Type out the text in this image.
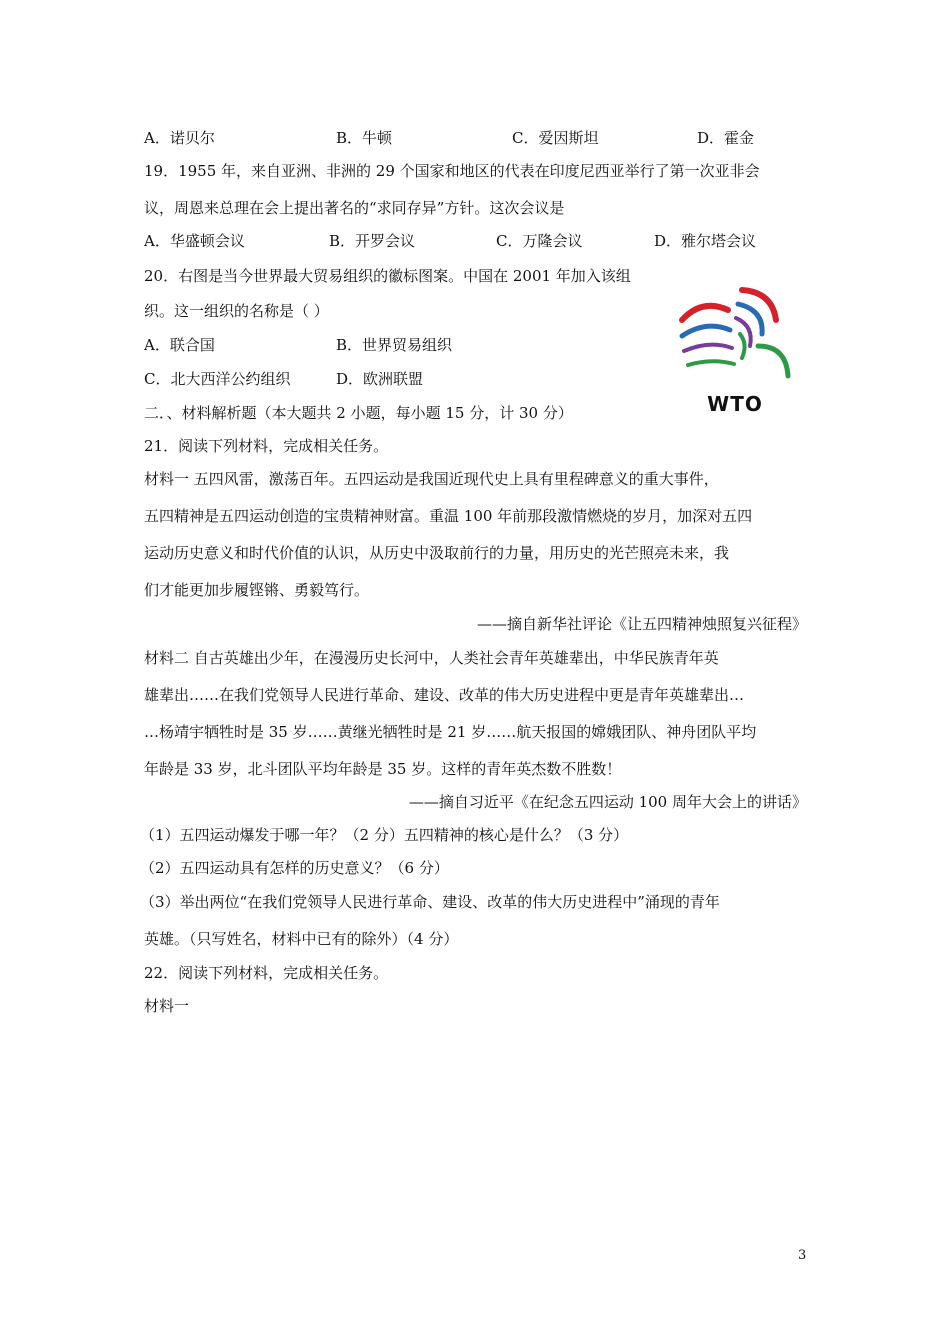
A．诺贝尔	B．牛顿	C．爱因斯坦	D．霍金
19．1955 年，来自亚洲、非洲的 29 个国家和地区的代表在印度尼西亚举行了第一次亚非会
议，周恩来总理在会上提出著名的“求同存异”方针。这次会议是
A．华盛顿会议	B．开罗会议	C．万隆会议	D．雅尔塔会议
20．右图是当今世界最大贸易组织的徽标图案。中国在 2001 年加入该组
织。这一组织的名称是（ ）
A．联合国	B．世界贸易组织
C．北大西洋公约组织	D．欧洲联盟
WTO
二．、材料解析题（本大题共 2 小题，每小题 15 分，计 30 分）
21．阅读下列材料，完成相关任务。
材料一 五四风雷，激荡百年。五四运动是我国近现代史上具有里程碑意义的重大事件，
五四精神是五四运动创造的宝贵精神财富。重温 100 年前那段激情燃烧的岁月，加深对五四
运动历史意义和时代价值的认识，从历史中汲取前行的力量，用历史的光芒照亮未来，我
们才能更加步履铿锵、勇毅笃行。
——摘自新华社评论《让五四精神烛照复兴征程》
材料二 自古英雄出少年，在漫漫历史长河中，人类社会青年英雄辈出，中华民族青年英
雄辈出……在我们党领导人民进行革命、建设、改革的伟大历史进程中更是青年英雄辈出…
…杨靖宇牺牲时是 35 岁……黄继光牺牲时是 21 岁……航天报国的嫦娥团队、神舟团队平均
年龄是 33 岁，北斗团队平均年龄是 35 岁。这样的青年英杰数不胜数！
——摘自习近平《在纪念五四运动 100 周年大会上的讲话》
（1）五四运动爆发于哪一年？（2 分）五四精神的核心是什么？（3 分）
（2）五四运动具有怎样的历史意义？（6 分）
（3）举出两位“在我们党领导人民进行革命、建设、改革的伟大历史进程中”涌现的青年
英雄。（只写姓名，材料中已有的除外）（4 分）
22．阅读下列材料，完成相关任务。
材料一
3
